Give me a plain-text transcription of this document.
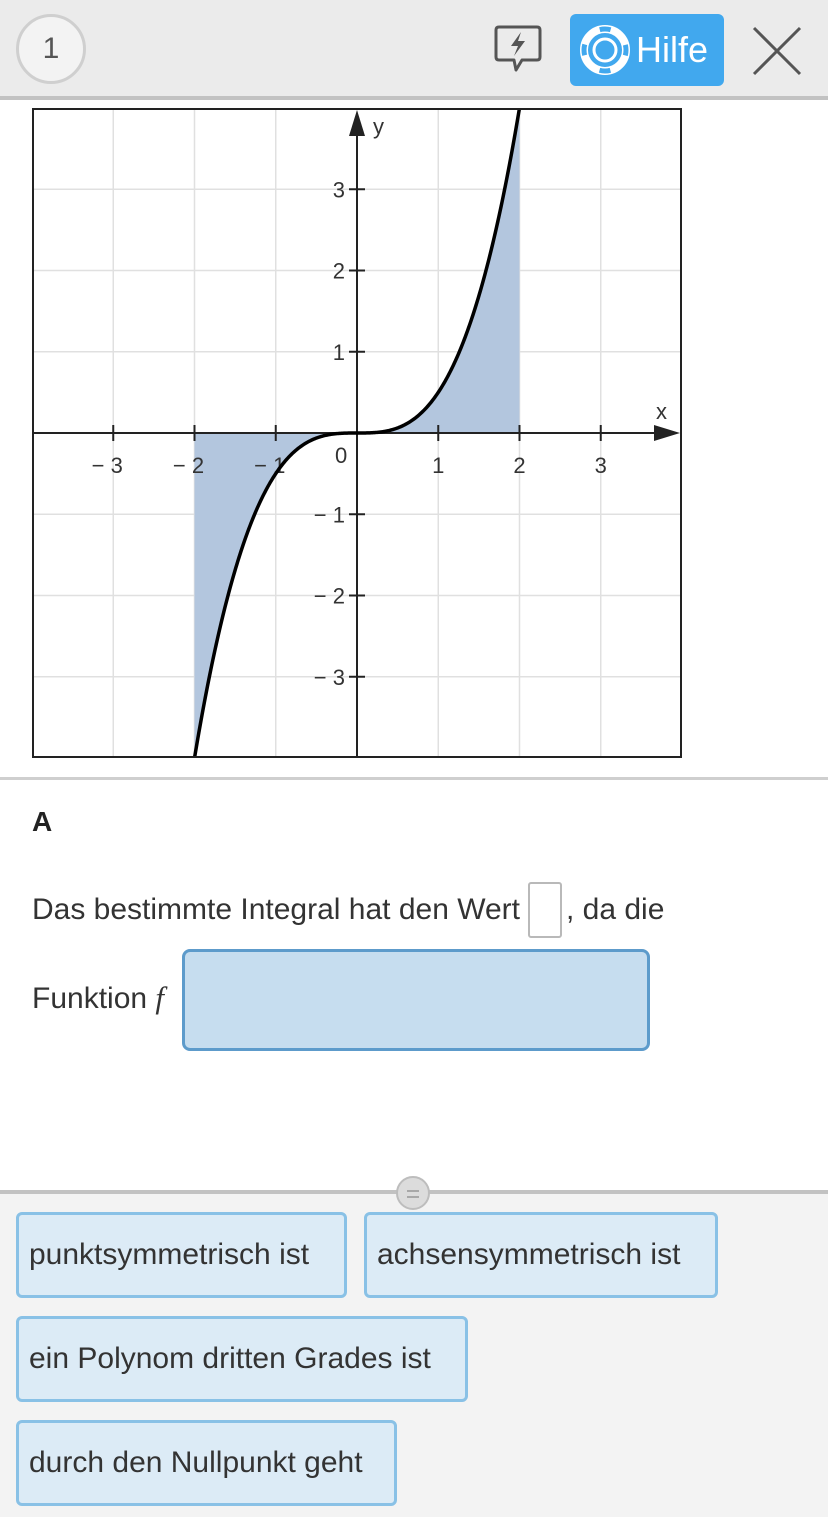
1	Hilfe
− 3 − 2 − 1	1	2	3
3
2
1
− 1
− 2
− 3
0
x
y
A
Das bestimmte Integral hat den Wert , da die
Funktion f
punktsymmetrisch ist achsensymmetrisch ist
ein Polynom dritten Grades ist
durch den Nullpunkt geht
